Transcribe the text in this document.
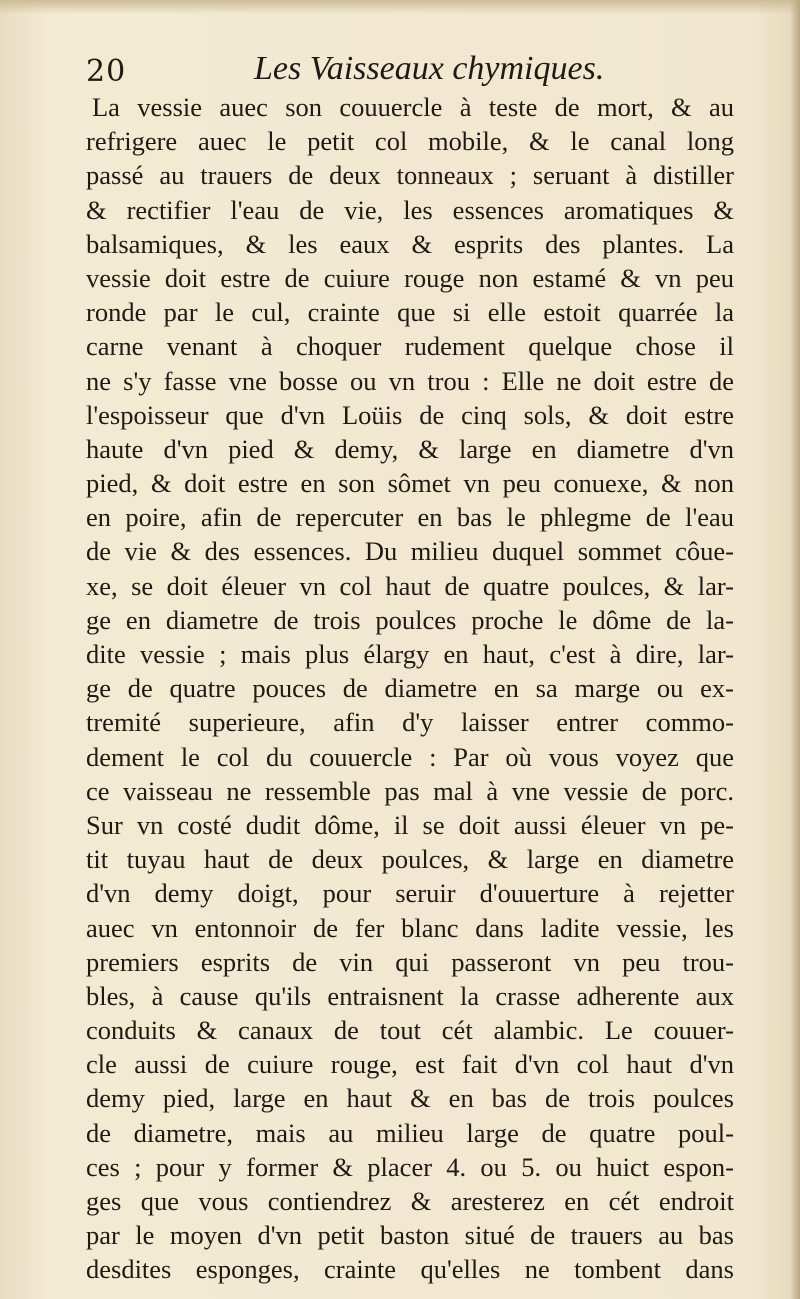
20	Les Vaisseaux chymiques.
La vessie auec son couuercle à teste de mort, & au
refrigere auec le petit col mobile, & le canal long
passé au trauers de deux tonneaux ; seruant à distiller
& rectifier l'eau de vie, les essences aromatiques &
balsamiques, & les eaux & esprits des plantes. La
vessie doit estre de cuiure rouge non estamé & vn peu
ronde par le cul, crainte que si elle estoit quarrée la
carne venant à choquer rudement quelque chose il
ne s'y fasse vne bosse ou vn trou : Elle ne doit estre de
l'espoisseur que d'vn Loüis de cinq sols, & doit estre
haute d'vn pied & demy, & large en diametre d'vn
pied, & doit estre en son sômet vn peu conuexe, & non
en poire, afin de repercuter en bas le phlegme de l'eau
de vie & des essences. Du milieu duquel sommet côue-
xe, se doit éleuer vn col haut de quatre poulces, & lar-
ge en diametre de trois poulces proche le dôme de la-
dite vessie ; mais plus élargy en haut, c'est à dire, lar-
ge de quatre pouces de diametre en sa marge ou ex-
tremité superieure, afin d'y laisser entrer commo-
dement le col du couuercle : Par où vous voyez que
ce vaisseau ne ressemble pas mal à vne vessie de porc.
Sur vn costé dudit dôme, il se doit aussi éleuer vn pe-
tit tuyau haut de deux poulces, & large en diametre
d'vn demy doigt, pour seruir d'ouuerture à rejetter
auec vn entonnoir de fer blanc dans ladite vessie, les
premiers esprits de vin qui passeront vn peu trou-
bles, à cause qu'ils entraisnent la crasse adherente aux
conduits & canaux de tout cét alambic. Le couuer-
cle aussi de cuiure rouge, est fait d'vn col haut d'vn
demy pied, large en haut & en bas de trois poulces
de diametre, mais au milieu large de quatre poul-
ces ; pour y former & placer 4. ou 5. ou huict espon-
ges que vous contiendrez & aresterez en cét endroit
par le moyen d'vn petit baston situé de trauers au bas
desdites esponges, crainte qu'elles ne tombent dans
